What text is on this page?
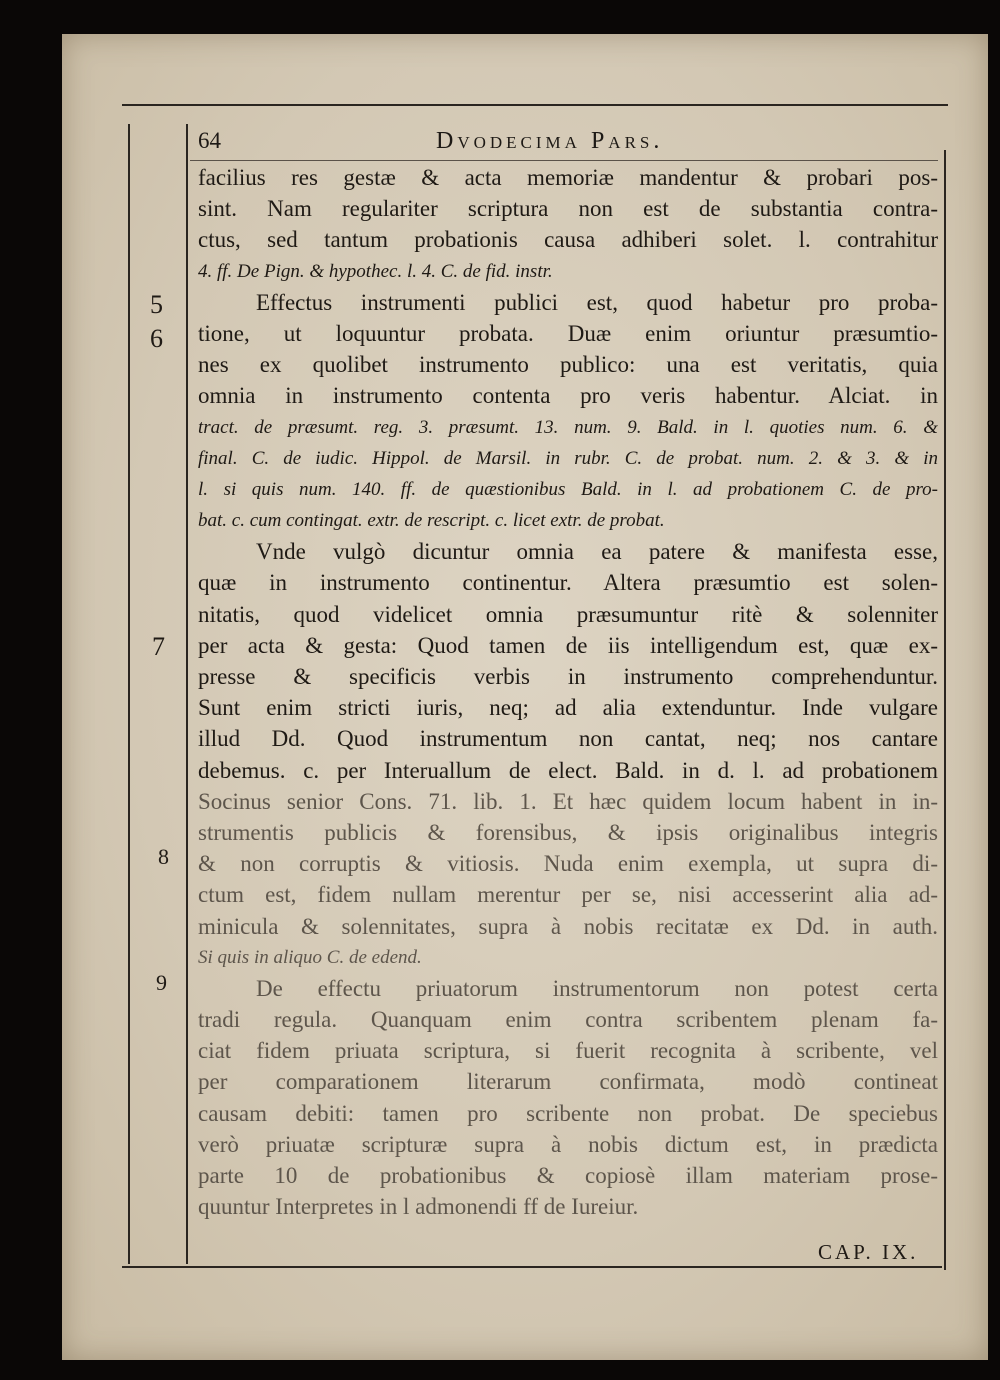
64	Dvodecima Pars.
5
6
7
8
9
facilius res gestæ & acta memoriæ mandentur & probari pos-
sint. Nam regulariter scriptura non est de substantia contra-
ctus, sed tantum probationis causa adhiberi solet. l. contrahitur
4. ff. De Pign. & hypothec. l. 4. C. de fid. instr.
Effectus instrumenti publici est, quod habetur pro proba-
tione, ut loquuntur probata. Duæ enim oriuntur præsumtio-
nes ex quolibet instrumento publico: una est veritatis, quia
omnia in instrumento contenta pro veris habentur. Alciat. in
tract. de præsumt. reg. 3. præsumt. 13. num. 9. Bald. in l. quoties num. 6. &
final. C. de iudic. Hippol. de Marsil. in rubr. C. de probat. num. 2. & 3. & in
l. si quis num. 140. ff. de quæstionibus Bald. in l. ad probationem C. de pro-
bat. c. cum contingat. extr. de rescript. c. licet extr. de probat.
Vnde vulgò dicuntur omnia ea patere & manifesta esse,
quæ in instrumento continentur. Altera præsumtio est solen-
nitatis, quod videlicet omnia præsumuntur ritè & solenniter
per acta & gesta: Quod tamen de iis intelligendum est, quæ ex-
presse & specificis verbis in instrumento comprehenduntur.
Sunt enim stricti iuris, neq; ad alia extenduntur. Inde vulgare
illud Dd. Quod instrumentum non cantat, neq; nos cantare
debemus. c. per Interuallum de elect. Bald. in d. l. ad probationem
Socinus senior Cons. 71. lib. 1. Et hæc quidem locum habent in in-
strumentis publicis & forensibus, & ipsis originalibus integris
& non corruptis & vitiosis. Nuda enim exempla, ut supra di-
ctum est, fidem nullam merentur per se, nisi accesserint alia ad-
minicula & solennitates, supra à nobis recitatæ ex Dd. in auth.
Si quis in aliquo C. de edend.
De effectu priuatorum instrumentorum non potest certa
tradi regula. Quanquam enim contra scribentem plenam fa-
ciat fidem priuata scriptura, si fuerit recognita à scribente, vel
per comparationem literarum confirmata, modò contineat
causam debiti: tamen pro scribente non probat. De speciebus
verò priuatæ scripturæ supra à nobis dictum est, in prædicta
parte 10 de probationibus & copiosè illam materiam prose-
quuntur Interpretes in l admonendi ff de Iureiur.
CAP. IX.
